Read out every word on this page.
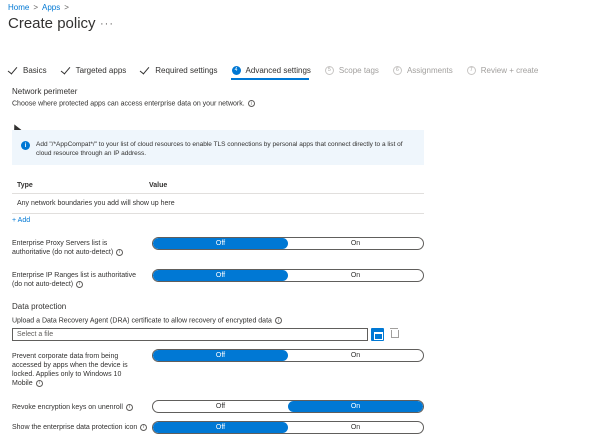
Home > Apps >
Create policy ···
Basics	Targeted apps	Required settings	4	Advanced settings	5	Scope tags	6	Assignments	7	Review + create
Network perimeter
Choose where protected apps can access enterprise data on your network. i
i	Add "/*AppCompat*/" to your list of cloud resources to enable TLS connections by personal apps that connect directly to a list of cloud resource through an IP address.
Type	Value
Any network boundaries you add will show up here
+ Add
Enterprise Proxy Servers list is authoritative (do not auto-detect) i
Off	On
Enterprise IP Ranges list is authoritative (do not auto-detect) i
Off	On
Data protection
Upload a Data Recovery Agent (DRA) certificate to allow recovery of encrypted data i
Select a file
Prevent corporate data from being accessed by apps when the device is locked. Applies only to Windows 10 Mobile i
Off	On
Revoke encryption keys on unenroll i	Off	On
Show the enterprise data protection icon i	Off	On
